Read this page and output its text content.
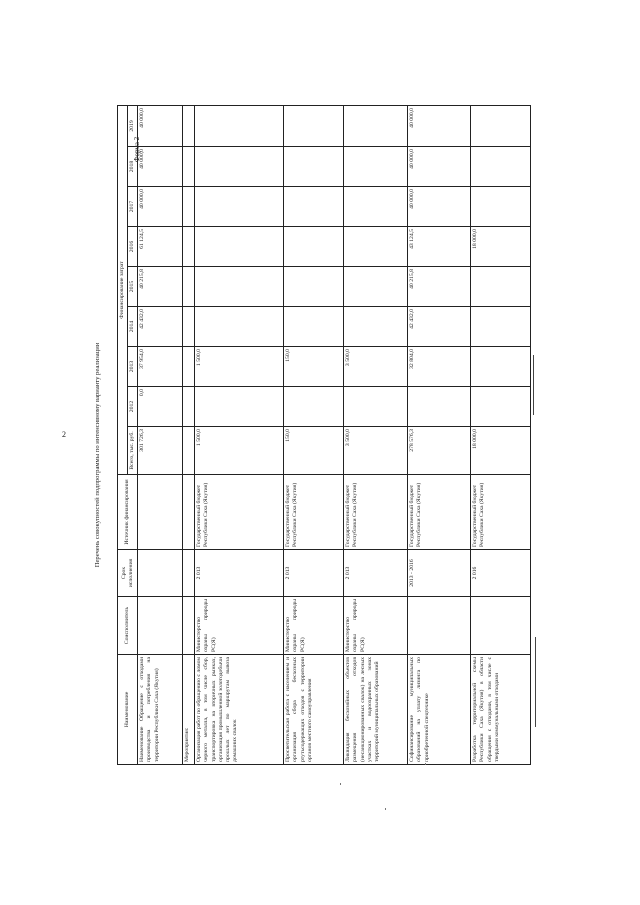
2
Форма 2
Перечень совокупностей подпрограммы по интенсивному варианту реализации
Наименование	Соисполнитель	Срок исполнения	Источник финансирования	Финансирование затрат								
				Всего, тыс. руб.	2012	2013	2014	2015	2016	2017	2018	2019
Наименование Обращение с отходами производства и потребления на территории Республики Саха (Якутия)				301 726,3	0,0	37 954,0	42 432,0	40 215,8	61 124,5	40 000,0	40 000,0	40 000,0
Мероприятия:												
Организация работ по обращению с ломом черного металла, в том числе сбор, транспортировка на вторичных рынках, организация промышленной золотодобычи прошлых лет по маршрутам вывоза домашних свалок	Министерство охраны природы РС(Я)	2 013	Государственный бюджет Республики Саха (Якутия)	1 500,0		1 500,0						
Просветительская работа с населением и организация сбора бесхозных ртутьсодержащих отходов с территории органов местного самоуправления	Министерство охраны природы РС(Я)	2 013	Государственный бюджет Республики Саха (Якутия)	150,0		150,0						
Ликвидация бесхозяйных объектов размещения отходов (несанкционированных свалок) на лесных участках и водоохранных зонах территорий муниципальных образований	Министерство охраны природы РС(Я)	2 013	Государственный бюджет Республики Саха (Якутия)	3 500,0		3 500,0						
Софинансирование муниципальных образований на уплату лизинга по приобретенной спецтехнике		2013 - 2016	Государственный бюджет Республики Саха (Якутия)	278 576,3		32 804,0	42 432,0	40 215,8	43 124,5	40 000,0	40 000,0	40 000,0
Разработка территориальной схемы Республики Саха (Якутия) в области обращения с отходами, в том числе с твердыми коммунальными отходами		2 016	Государственный бюджет Республики Саха (Якутия)	18 000,0					18 000,0			
